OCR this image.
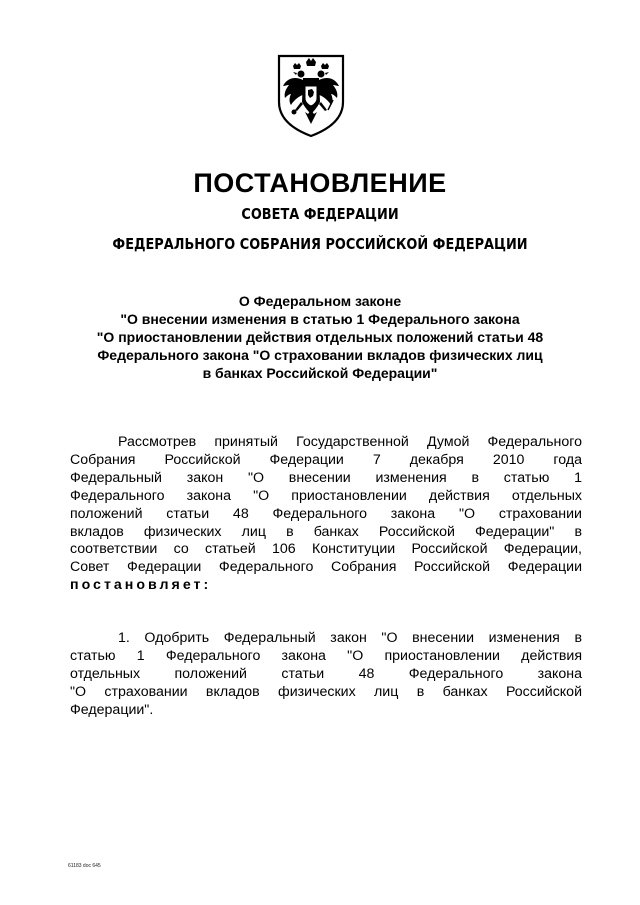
ПОСТАНОВЛЕНИЕ
СОВЕТА ФЕДЕРАЦИИ
ФЕДЕРАЛЬНОГО СОБРАНИЯ РОССИЙСКОЙ ФЕДЕРАЦИИ
О Федеральном законе
"О внесении изменения в статью 1 Федерального закона
"О приостановлении действия отдельных положений статьи 48
Федерального закона "О страховании вкладов физических лиц
в банках Российской Федерации"
Рассмотрев принятый Государственной Думой Федерального
Собрания Российской Федерации 7 декабря 2010 года
Федеральный закон "О внесении изменения в статью 1
Федерального закона "О приостановлении действия отдельных
положений статьи 48 Федерального закона "О страховании
вкладов физических лиц в банках Российской Федерации" в
соответствии со статьей 106 Конституции Российской Федерации,
Совет Федерации Федерального Собрания Российской Федерации
постановляет:
1. Одобрить Федеральный закон "О внесении изменения в
статью 1 Федерального закона "О приостановлении действия
отдельных положений статьи 48 Федерального закона
"О страховании вкладов физических лиц в банках Российской
Федерации".
61183 doc 645
